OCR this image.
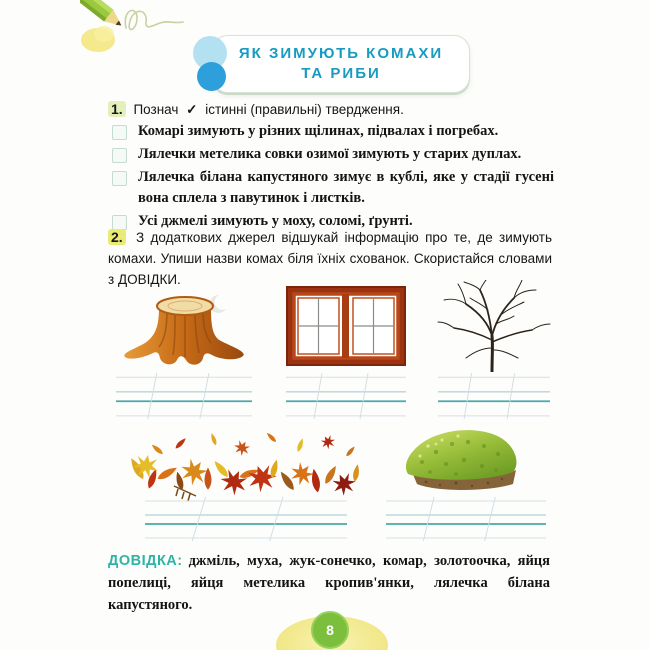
ЯК ЗИМУЮТЬ КОМАХИ
ТА РИБИ
1. Познач ✓ істинні (правильні) твердження.
Комарі зимують у різних щілинах, підвалах і погребах.
Лялечки метелика совки озимої зимують у старих дуплах.
Лялечка білана капустяного зимує в кублі, яке у стадії гусені вона сплела з павутинок і листків.
Усі джмелі зимують у моху, соломі, ґрунті.
2. З додаткових джерел відшукай інформацію про те, де зимують комахи. Упиши назви комах біля їхніх схованок. Скористайся словами з ДОВІДКИ.
ДОВІДКА: джміль, муха, жук-сонечко, комар, золотоочка, яйця попелиці, яйця метелика кропив'янки, лялечка білана капустяного.
8
